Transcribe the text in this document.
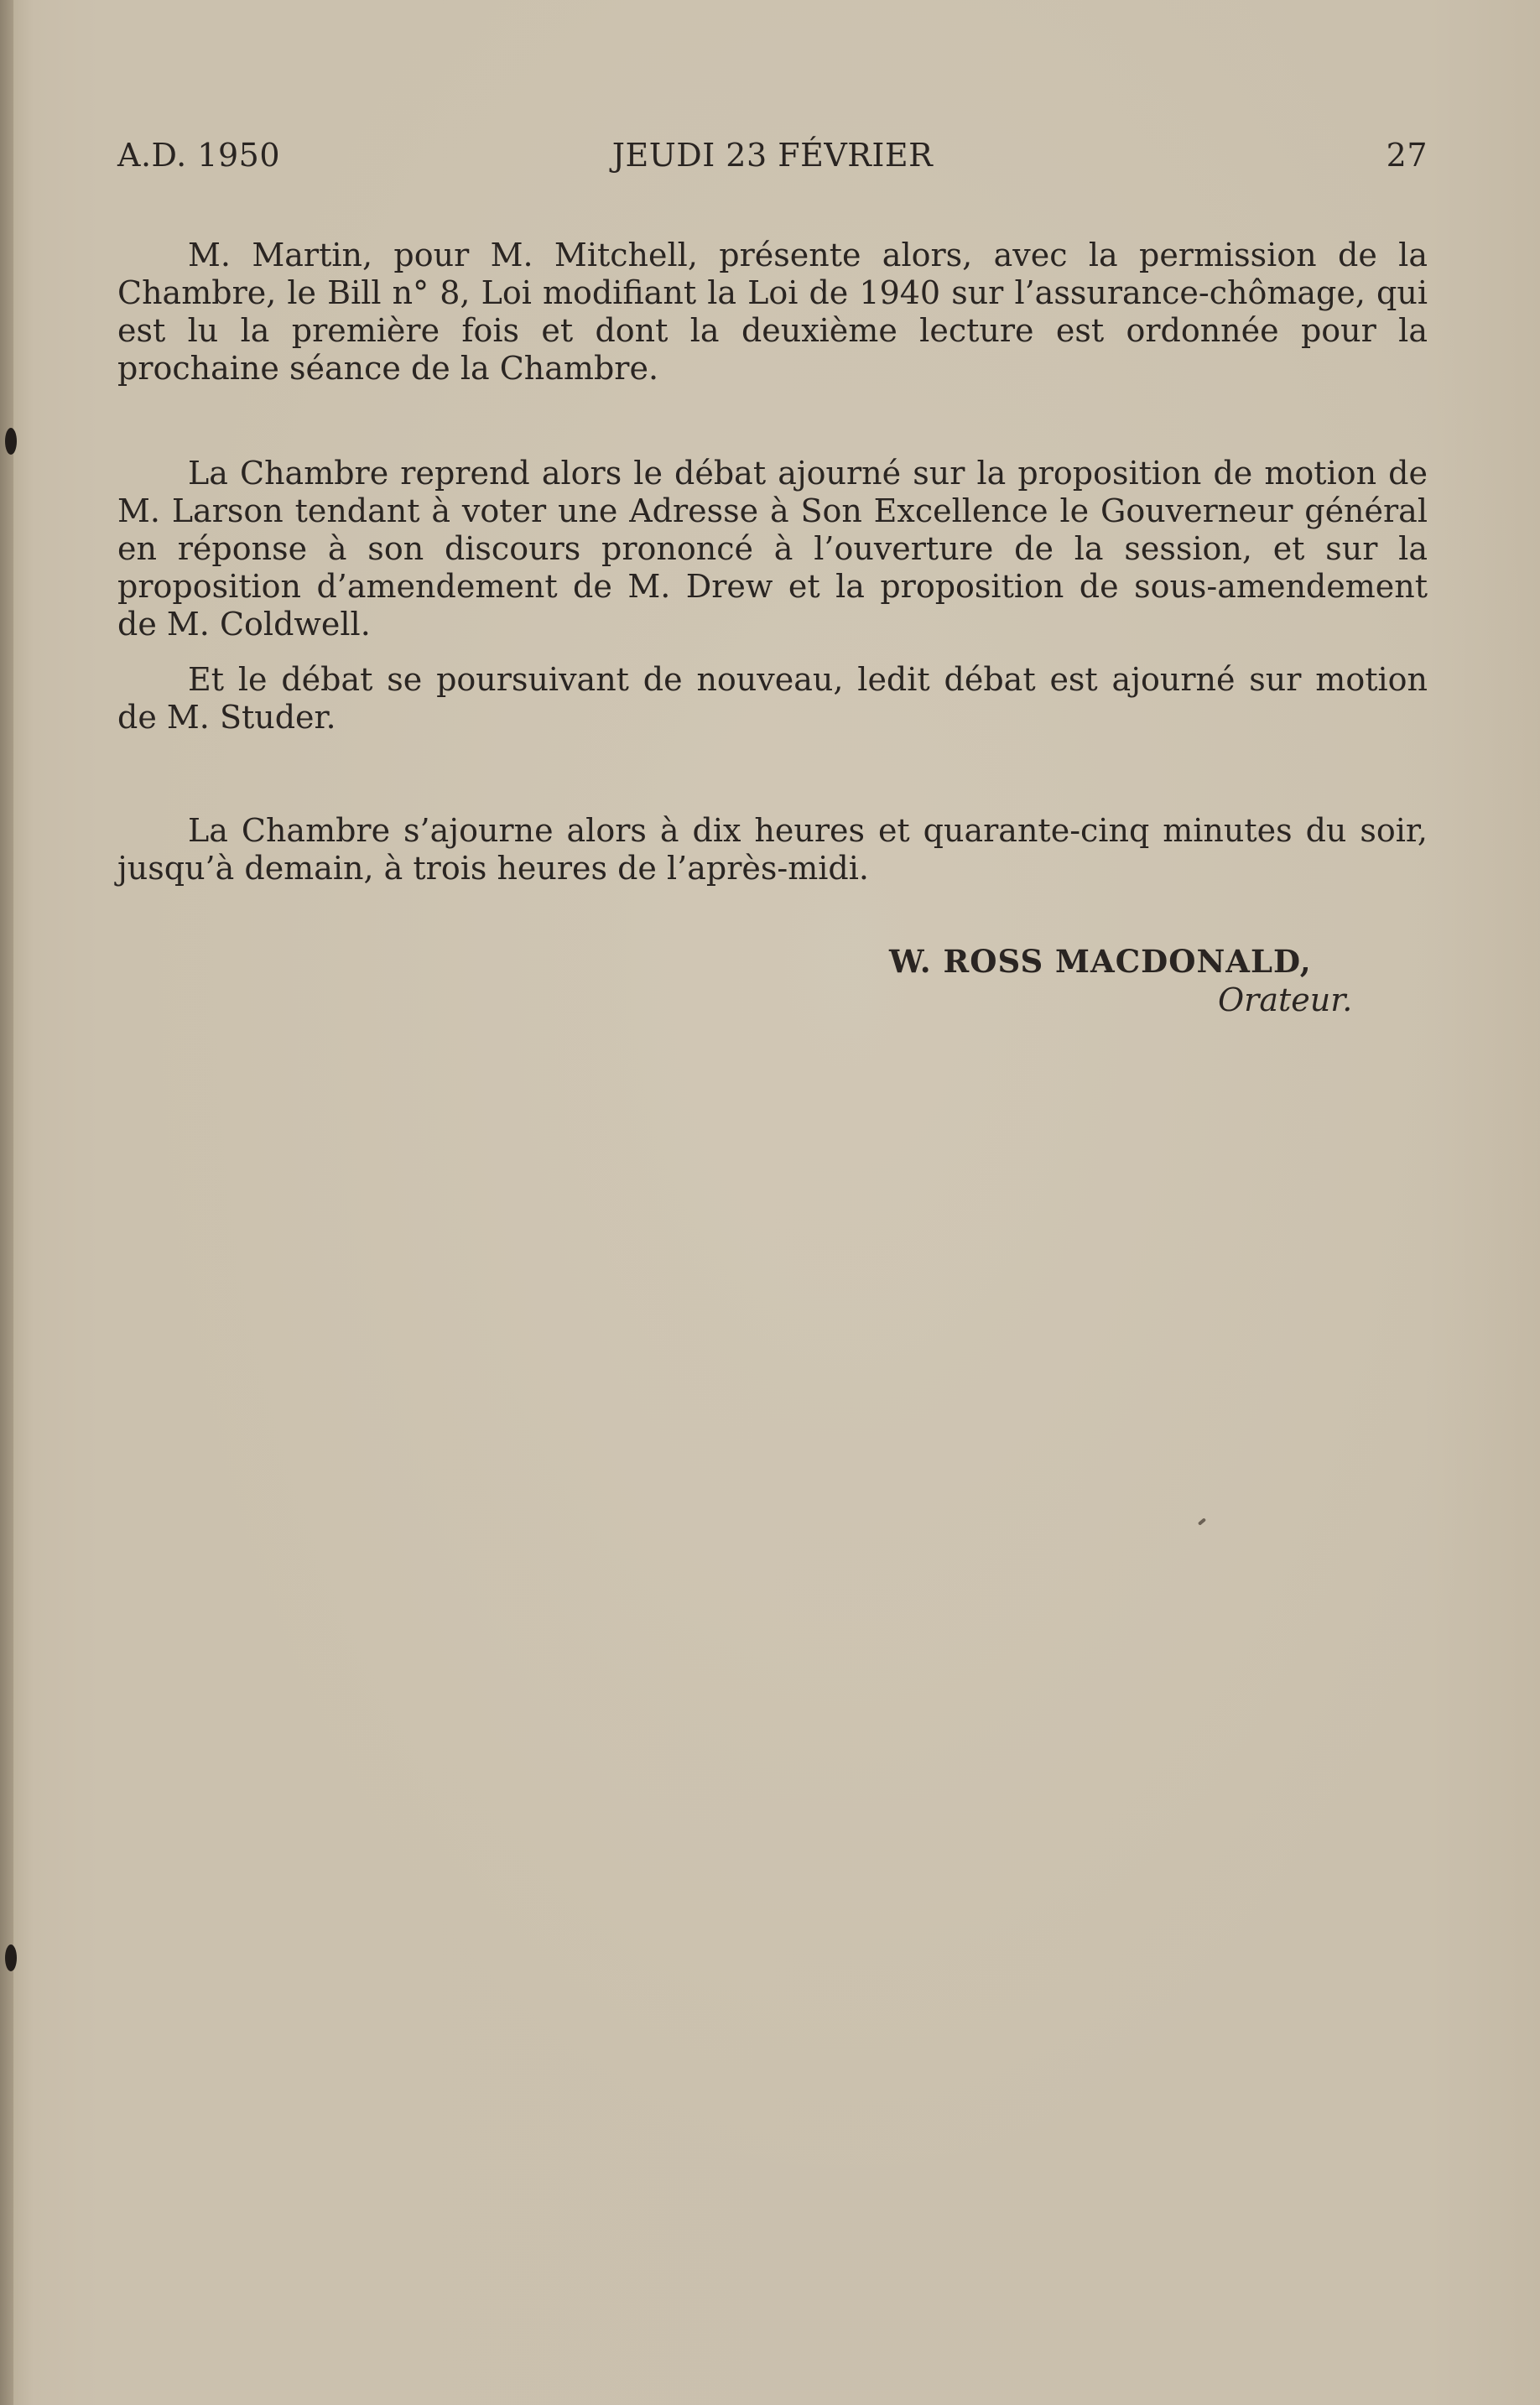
A.D. 1950	JEUDI 23 FÉVRIER	27

M. Martin, pour M. Mitchell, présente alors, avec la permission de la Chambre, le Bill n° 8, Loi modifiant la Loi de 1940 sur l’assurance-chômage, qui est lu la première fois et dont la deuxième lecture est ordonnée pour la prochaine séance de la Chambre.

La Chambre reprend alors le débat ajourné sur la proposition de motion de M. Larson tendant à voter une Adresse à Son Excellence le Gouverneur général en réponse à son discours prononcé à l’ouverture de la session, et sur la proposition d’amendement de M. Drew et la proposition de sous-amendement de M. Coldwell.

Et le débat se poursuivant de nouveau, ledit débat est ajourné sur motion de M. Studer.

La Chambre s’ajourne alors à dix heures et quarante-cinq minutes du soir, jusqu’à demain, à trois heures de l’après-midi.

W. ROSS MACDONALD,
Orateur.
